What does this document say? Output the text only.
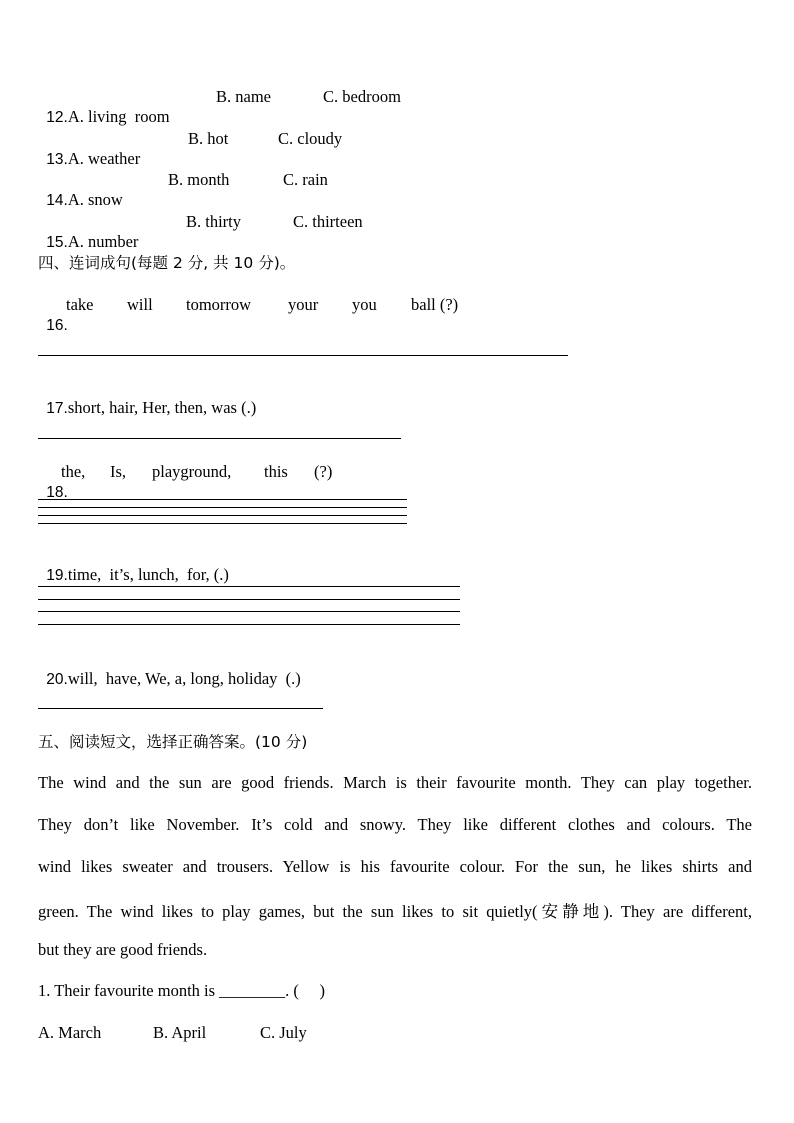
12.A. living  room

B. name	C. bedroom

13.A. weather

B. hot	C. cloudy

14.A. snow

B. month	C. rain

15.A. number

B. thirty	C. thirteen
四、连词成句(每题 2 分, 共 10 分)。

16.

take will tomorrow your you ball (?)

17.short, hair, Her, then, was (.)

18.

the, Is, playground, this (?)

19.time,  it’s, lunch,  for, (.)

20.will,  have, We, a, long, holiday  (.)

五、阅读短文，选择正确答案。(10 分)
The wind and the sun are good friends. March is their favourite month. They can play together.
They don’t like November. It’s cold and snowy. They like different clothes and colours. The
wind likes sweater and trousers. Yellow is his favourite colour. For the sun, he likes shirts and
green. The wind likes to play games, but the sun likes to sit quietly(安静地). They are different,
but they are good friends.
1. Their favourite month is ________. (     )
A. March	B. April	C. July
